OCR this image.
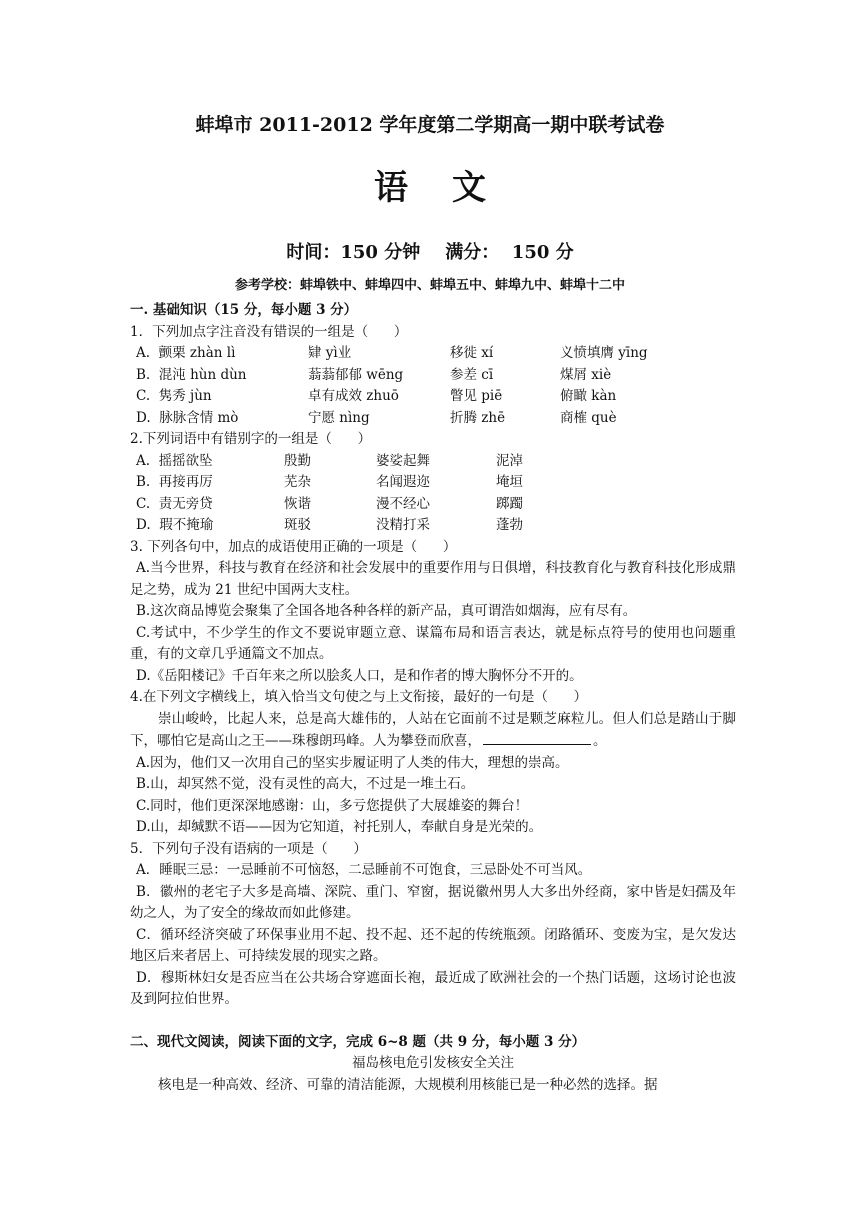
蚌埠市 2011-2012 学年度第二学期高一期中联考试卷
语文
时间：150 分钟    满分：  150 分
参考学校：蚌埠铁中、蚌埠四中、蚌埠五中、蚌埠九中、蚌埠十二中
一. 基础知识（15 分，每小题 3 分）
1．下列加点字注音没有错误的一组是（      ）
A.  颤栗 zhàn lì	肄 yì业	移徙 xí	义愤填膺 yīng
B.  混沌 hùn dùn	蓊蓊郁郁 wēng	参差 cī	煤屑 xiè
C.  隽秀 jùn	卓有成效 zhuō	瞥见 piē	俯瞰 kàn
D.  脉脉含情 mò	宁愿 nìng	折腾 zhē	商榷 què
2.下列词语中有错别字的一组是（      ）
A.  摇摇欲坠	殷勤	婆娑起舞	泥淖
B.  再接再厉	芜杂	名闻遐迩	埯垣
C.  责无旁贷	恢谐	漫不经心	踯躅
D.  瑕不掩瑜	斑驳	没精打采	蓬勃
3. 下列各句中，加点的成语使用正确的一项是（      ）
A.当今世界，科技与教育在经济和社会发展中的重要作用与日俱增，科技教育化与教育科技化形成鼎足之势，成为 21 世纪中国两大支柱。
B.这次商品博览会聚集了全国各地各种各样的新产品，真可谓浩如烟海，应有尽有。
C.考试中，不少学生的作文不要说审题立意、谋篇布局和语言表达，就是标点符号的使用也问题重重，有的文章几乎通篇文不加点。
D.《岳阳楼记》千百年来之所以脍炙人口，是和作者的博大胸怀分不开的。
4.在下列文字横线上，填入恰当文句使之与上文衔接，最好的一句是（      ）
崇山峻岭，比起人来，总是高大雄伟的，人站在它面前不过是颗芝麻粒儿。但人们总是踏山于脚下，哪怕它是高山之王——珠穆朗玛峰。人为攀登而欣喜，	。
A.因为，他们又一次用自己的坚实步履证明了人类的伟大，理想的崇高。
B.山，却冥然不觉，没有灵性的高大，不过是一堆土石。
C.同时，他们更深深地感谢：山，多亏您提供了大展雄姿的舞台！
D.山，却缄默不语——因为它知道，衬托别人，奉献自身是光荣的。
5．下列句子没有语病的一项是（      ）
A．睡眠三忌：一忌睡前不可恼怒，二忌睡前不可饱食，三忌卧处不可当风。
B．徽州的老宅子大多是高墙、深院、重门、窄窗，据说徽州男人大多出外经商，家中皆是妇孺及年幼之人，为了安全的缘故而如此修建。
C．循环经济突破了环保事业用不起、投不起、还不起的传统瓶颈。闭路循环、变废为宝，是欠发达地区后来者居上、可持续发展的现实之路。
D．穆斯林妇女是否应当在公共场合穿遮面长袍，最近成了欧洲社会的一个热门话题，这场讨论也波及到阿拉伯世界。
二、现代文阅读，阅读下面的文字，完成 6~8 题（共 9 分，每小题 3 分）
福岛核电危引发核安全关注
核电是一种高效、经济、可靠的清洁能源，大规模利用核能已是一种必然的选择。据
